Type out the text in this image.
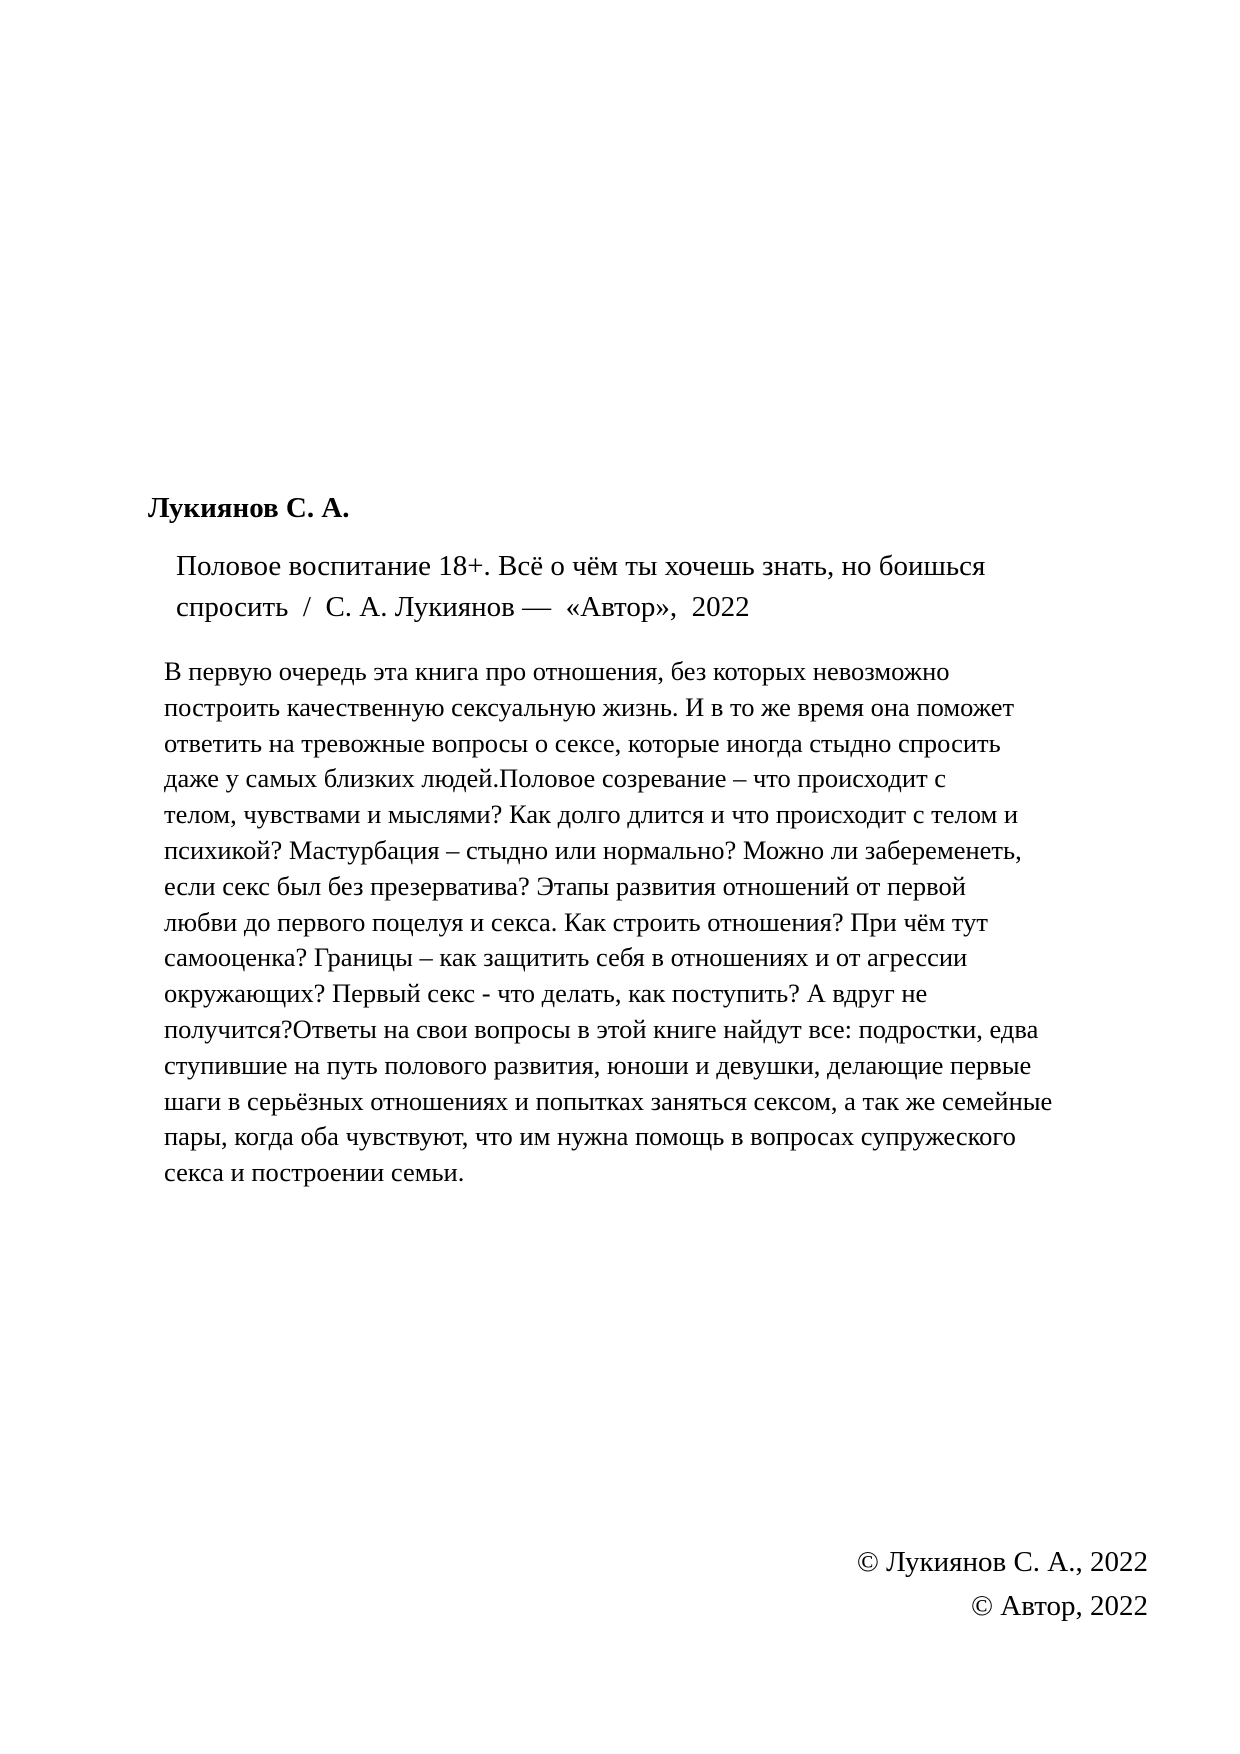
Лукиянов С. А.
Половое воспитание 18+. Всё о чём ты хочешь знать, но боишься
спросить / С. А. Лукиянов — «Автор», 2022
В первую очередь эта книга про отношения, без которых невозможно
построить качественную сексуальную жизнь. И в то же время она поможет
ответить на тревожные вопросы о сексе, которые иногда стыдно спросить
даже у самых близких людей.Половое созревание – что происходит с
телом, чувствами и мыслями? Как долго длится и что происходит с телом и
психикой? Мастурбация – стыдно или нормально? Можно ли забеременеть,
если секс был без презерватива? Этапы развития отношений от первой
любви до первого поцелуя и секса. Как строить отношения? При чём тут
самооценка? Границы – как защитить себя в отношениях и от агрессии
окружающих? Первый секс - что делать, как поступить? А вдруг не
получится?Ответы на свои вопросы в этой книге найдут все: подростки, едва
ступившие на путь полового развития, юноши и девушки, делающие первые
шаги в серьёзных отношениях и попытках заняться сексом, а так же семейные
пары, когда оба чувствуют, что им нужна помощь в вопросах супружеского
секса и построении семьи.
© Лукиянов С. А., 2022
© Автор, 2022
